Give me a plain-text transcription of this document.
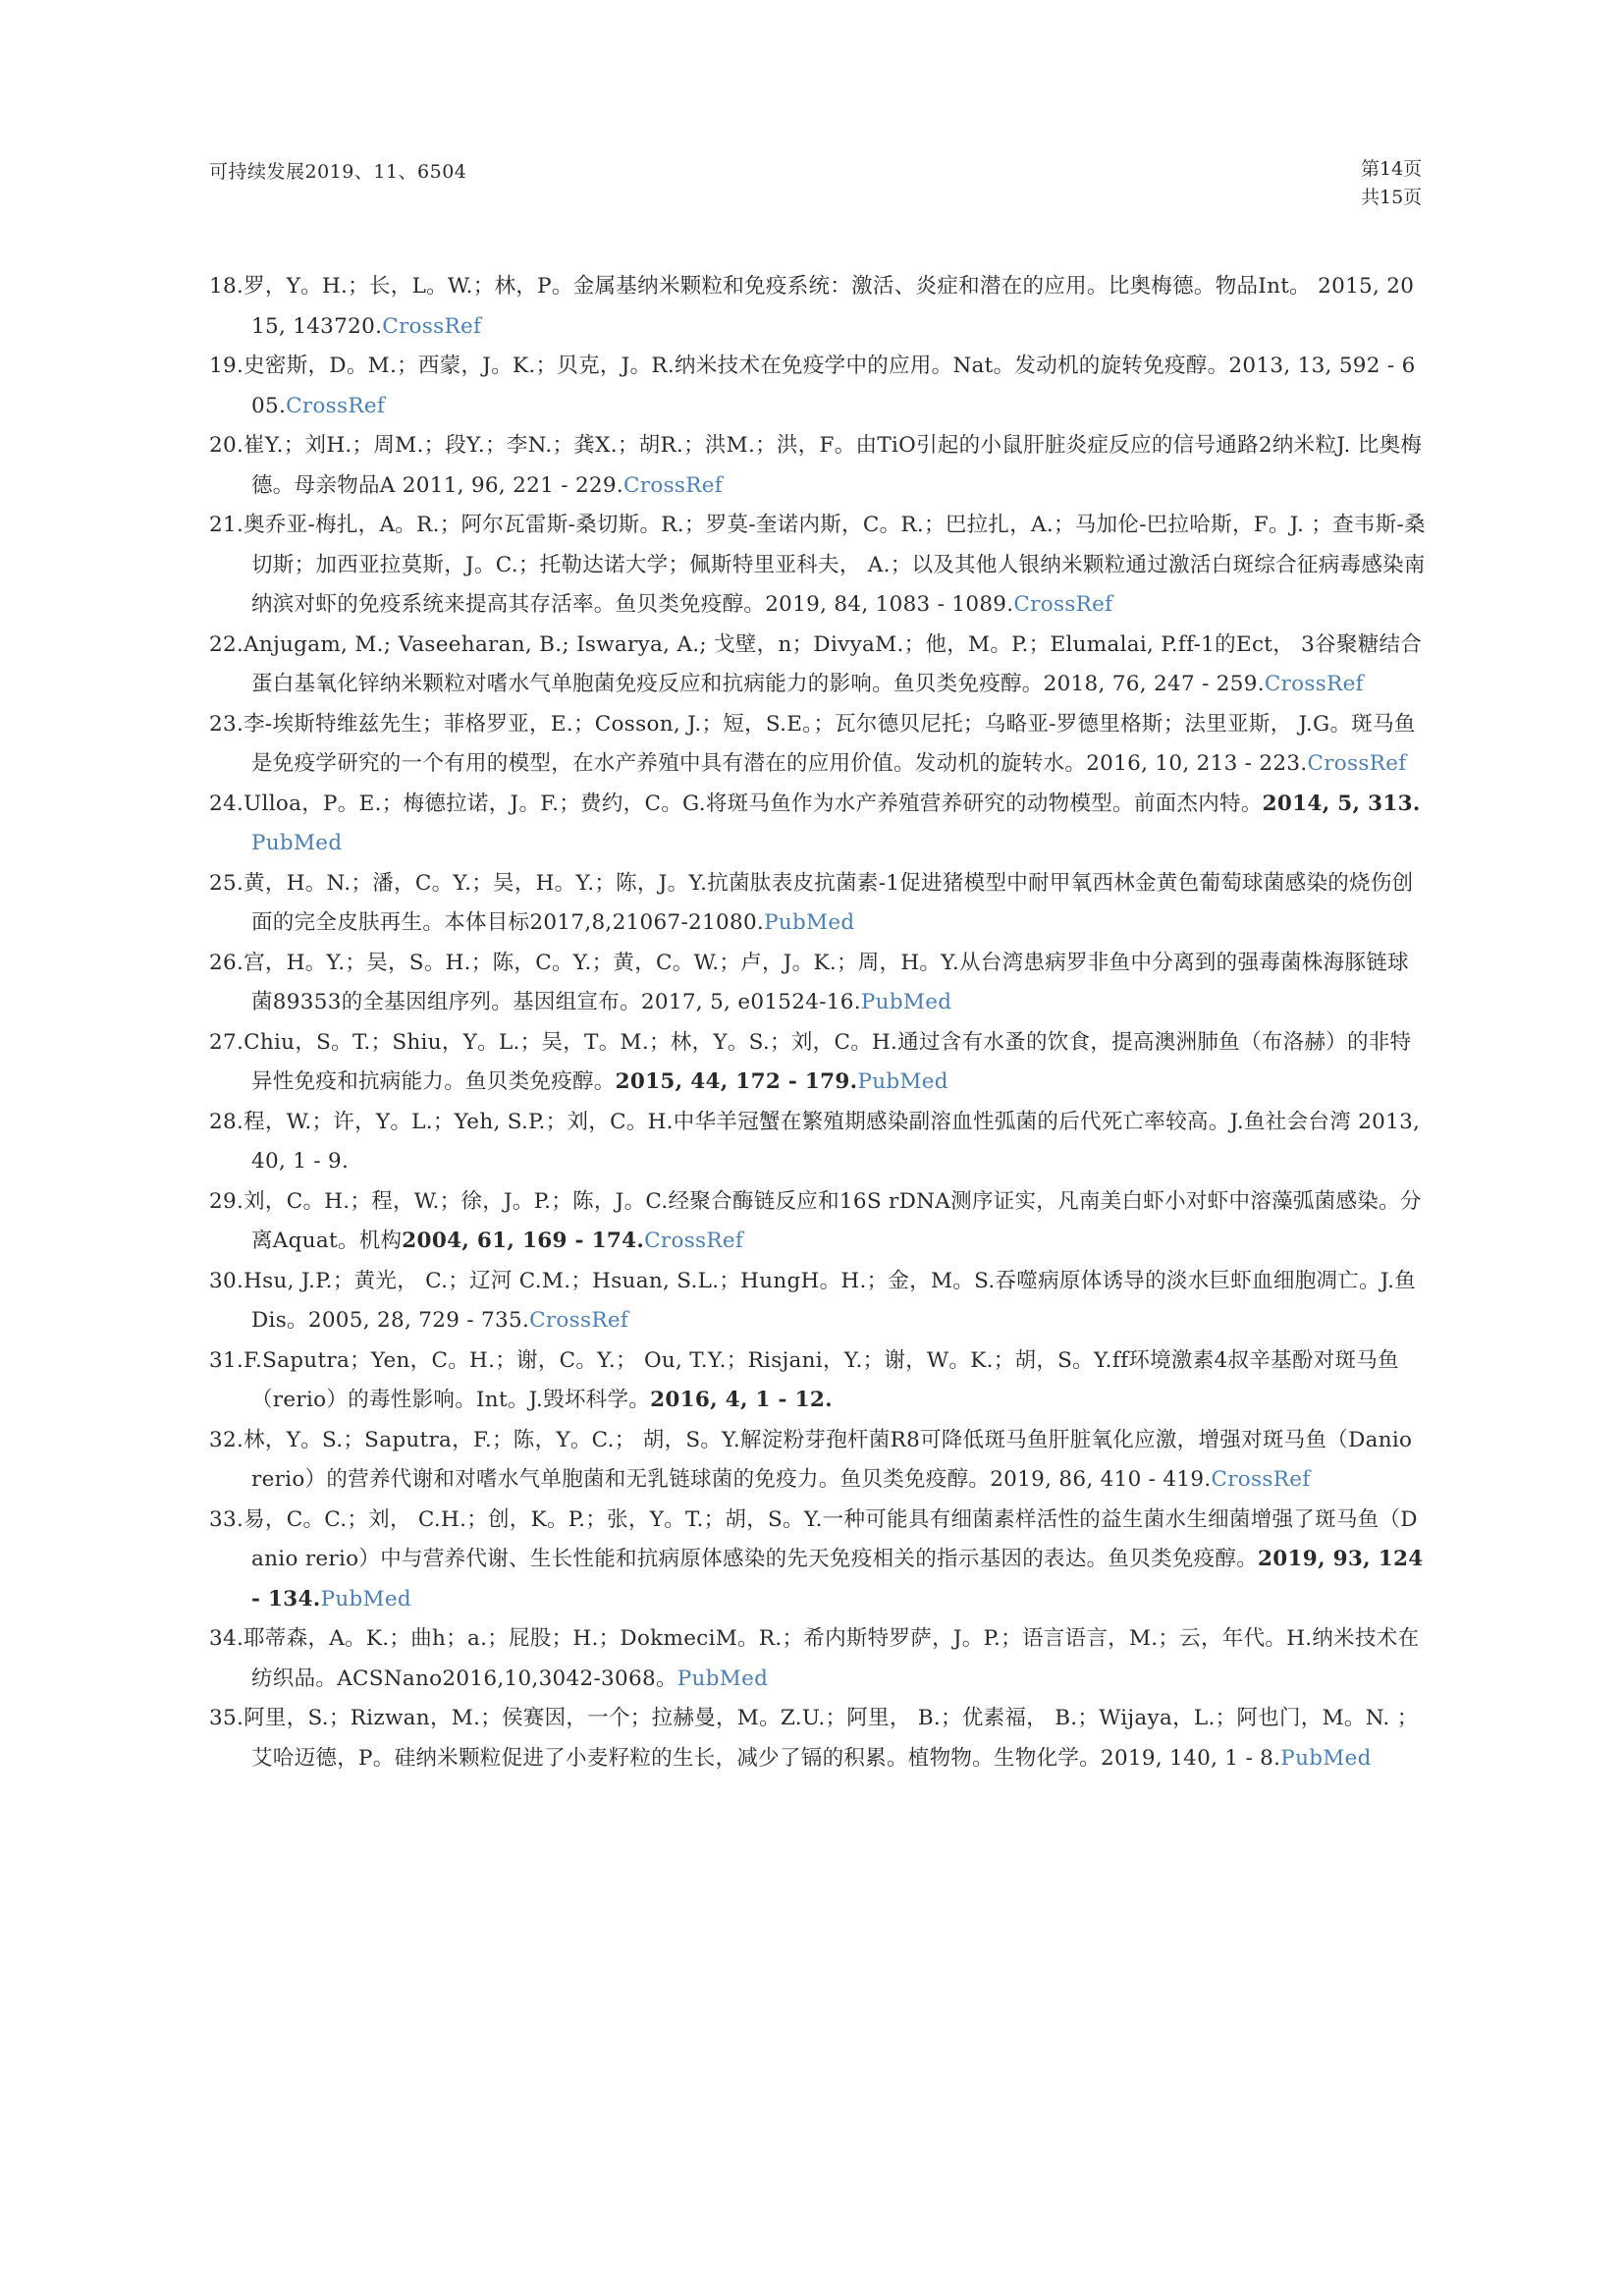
可持续发展2019、11、6504	第14页
共15页

18.罗，Y。H.；长，L。W.；林，P。金属基纳米颗粒和免疫系统：激活、炎症和潜在的应用。比奥梅德。物品Int。 2015, 2015, 143720.CrossRef

19.史密斯，D。M.；西蒙，J。K.；贝克，J。R.纳米技术在免疫学中的应用。Nat。发动机的旋转免疫醇。2013, 13, 592 - 605.CrossRef

20.崔Y.；刘H.；周M.；段Y.；李N.；龚X.；胡R.；洪M.；洪，F。由TiO引起的小鼠肝脏炎症反应的信号通路2纳米粒J. 比奥梅德。母亲物品A 2011, 96, 221 - 229.CrossRef

21.奥乔亚-梅扎，A。R.；阿尔瓦雷斯-桑切斯。R.；罗莫-奎诺内斯，C。R.；巴拉扎，A.；马加伦-巴拉哈斯，F。J. ；查韦斯-桑切斯；加西亚拉莫斯，J。C.；托勒达诺大学；佩斯特里亚科夫， A.；以及其他人银纳米颗粒通过激活白斑综合征病毒感染南纳滨对虾的免疫系统来提高其存活率。鱼贝类免疫醇。2019, 84, 1083 - 1089.CrossRef

22.Anjugam, M.; Vaseeharan, B.; Iswarya, A.; 戈壁，n；DivyaM.；他，M。P.；Elumalai, P.ff-1的Ect， 3谷聚糖结合蛋白基氧化锌纳米颗粒对嗜水气单胞菌免疫反应和抗病能力的影响。鱼贝类免疫醇。2018, 76, 247 - 259.CrossRef

23.李-埃斯特维兹先生；菲格罗亚，E.；Cosson, J.；短，S.E。；瓦尔德贝尼托；乌略亚-罗德里格斯；法里亚斯， J.G。斑马鱼是免疫学研究的一个有用的模型，在水产养殖中具有潜在的应用价值。发动机的旋转水。2016, 10, 213 - 223.CrossRef

24.Ulloa，P。E.；梅德拉诺，J。F.；费约，C。G.将斑马鱼作为水产养殖营养研究的动物模型。前面杰内特。2014, 5, 313.PubMed

25.黄，H。N.；潘，C。Y.；吴，H。Y.；陈，J。Y.抗菌肽表皮抗菌素-1促进猪模型中耐甲氧西林金黄色葡萄球菌感染的烧伤创面的完全皮肤再生。本体目标2017,8,21067-21080.PubMed

26.宫，H。Y.；吴，S。H.；陈，C。Y.；黄，C。W.；卢，J。K.；周，H。Y.从台湾患病罗非鱼中分离到的强毒菌株海豚链球菌89353的全基因组序列。基因组宣布。2017, 5, e01524-16.PubMed

27.Chiu，S。T.；Shiu，Y。L.；吴，T。M.；林，Y。S.；刘，C。H.通过含有水蚤的饮食，提高澳洲肺鱼（布洛赫）的非特异性免疫和抗病能力。鱼贝类免疫醇。2015, 44, 172 - 179.PubMed

28.程，W.；许，Y。L.；Yeh, S.P.；刘，C。H.中华羊冠蟹在繁殖期感染副溶血性弧菌的后代死亡率较高。J.鱼社会台湾 2013, 40, 1 - 9.

29.刘，C。H.；程，W.；徐，J。P.；陈，J。C.经聚合酶链反应和16S rDNA测序证实，凡南美白虾小对虾中溶藻弧菌感染。分离Aquat。机构2004, 61, 169 - 174.CrossRef

30.Hsu, J.P.；黄光， C.；辽河 C.M.；Hsuan, S.L.；HungH。H.；金，M。S.吞噬病原体诱导的淡水巨虾血细胞凋亡。J.鱼Dis。2005, 28, 729 - 735.CrossRef

31.F.Saputra；Yen，C。H.；谢，C。Y.； Ou, T.Y.；Risjani，Y.；谢，W。K.；胡，S。Y.ff环境激素4叔辛基酚对斑马鱼（rerio）的毒性影响。Int。J.毁坏科学。2016, 4, 1 - 12.

32.林，Y。S.；Saputra，F.；陈，Y。C.； 胡，S。Y.解淀粉芽孢杆菌R8可降低斑马鱼肝脏氧化应激，增强对斑马鱼（Danio rerio）的营养代谢和对嗜水气单胞菌和无乳链球菌的免疫力。鱼贝类免疫醇。2019, 86, 410 - 419.CrossRef

33.易，C。C.；刘， C.H.；创，K。P.；张，Y。T.；胡，S。Y.一种可能具有细菌素样活性的益生菌水生细菌增强了斑马鱼（Danio rerio）中与营养代谢、生长性能和抗病原体感染的先天免疫相关的指示基因的表达。鱼贝类免疫醇。2019, 93, 124 - 134.PubMed

34.耶蒂森，A。K.；曲h；a.；屁股；H.；DokmeciM。R.；希内斯特罗萨，J。P.；语言语言，M.；云，年代。H.纳米技术在纺织品。ACSNano2016,10,3042-3068。PubMed

35.阿里，S.；Rizwan，M.；侯赛因，一个；拉赫曼，M。Z.U.；阿里， B.；优素福， B.；Wijaya，L.；阿也门，M。N. ；艾哈迈德，P。硅纳米颗粒促进了小麦籽粒的生长，减少了镉的积累。植物物。生物化学。2019, 140, 1 - 8.PubMed
